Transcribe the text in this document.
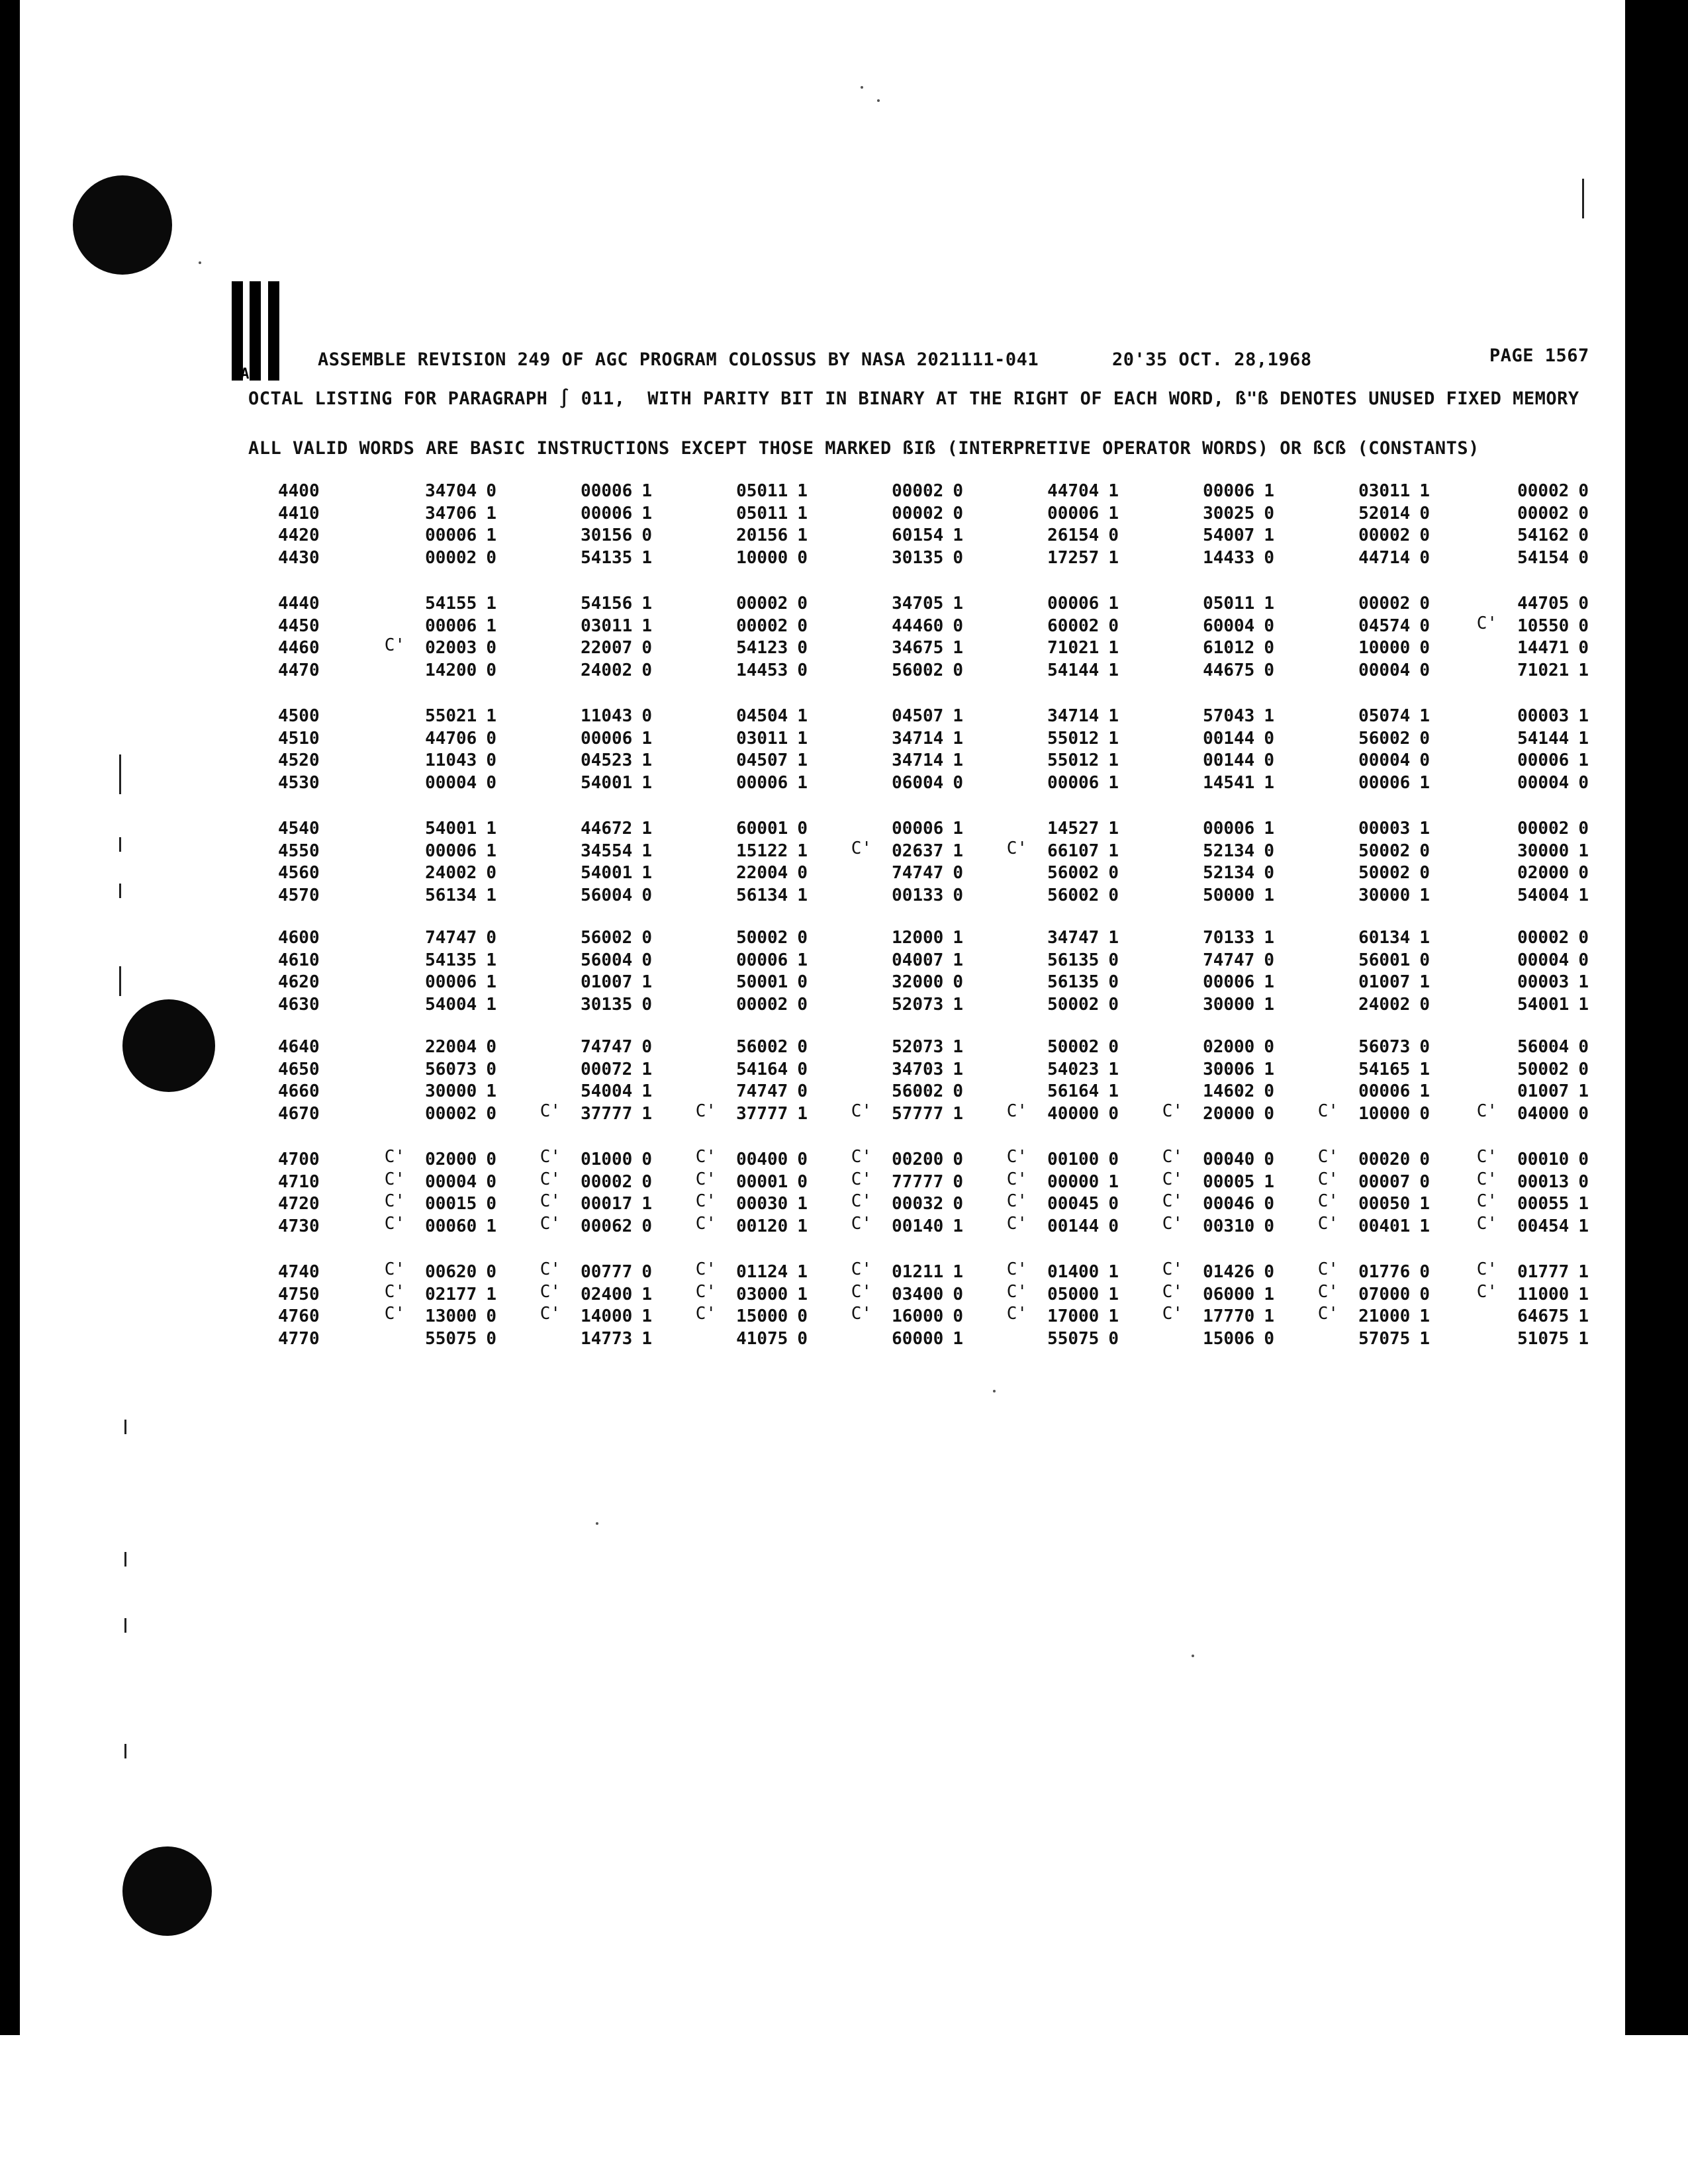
GAP
ASSEMBLE REVISION 249 OF AGC PROGRAM COLOSSUS BY NASA 2021111-041	20'35 OCT. 28,1968	PAGE 1567
OCTAL LISTING FOR PARAGRAPH ∫ 011,  WITH PARITY BIT IN BINARY AT THE RIGHT OF EACH WORD, ß"ß DENOTES UNUSED FIXED MEMORY
ALL VALID WORDS ARE BASIC INSTRUCTIONS EXCEPT THOSE MARKED ßIß (INTERPRETIVE OPERATOR WORDS) OR ßCß (CONSTANTS)
4400	34704 0	00006 1	05011 1	00002 0	44704 1	00006 1	03011 1	00002 0
4410	34706 1	00006 1	05011 1	00002 0	00006 1	30025 0	52014 0	00002 0
4420	00006 1	30156 0	20156 1	60154 1	26154 0	54007 1	00002 0	54162 0
4430	00002 0	54135 1	10000 0	30135 0	17257 1	14433 0	44714 0	54154 0
4440	54155 1	54156 1	00002 0	34705 1	00006 1	05011 1	00002 0	44705 0
4450	00006 1	03011 1	00002 0	44460 0	60002 0	60004 0	04574 0	C' 10550 0
4460	C' 02003 0	22007 0	54123 0	34675 1	71021 1	61012 0	10000 0	14471 0
4470	14200 0	24002 0	14453 0	56002 0	54144 1	44675 0	00004 0	71021 1
4500	55021 1	11043 0	04504 1	04507 1	34714 1	57043 1	05074 1	00003 1
4510	44706 0	00006 1	03011 1	34714 1	55012 1	00144 0	56002 0	54144 1
4520	11043 0	04523 1	04507 1	34714 1	55012 1	00144 0	00004 0	00006 1
4530	00004 0	54001 1	00006 1	06004 0	00006 1	14541 1	00006 1	00004 0
4540	54001 1	44672 1	60001 0	00006 1	14527 1	00006 1	00003 1	00002 0
4550	00006 1	34554 1	15122 1	C' 02637 1	C' 66107 1	52134 0	50002 0	30000 1
4560	24002 0	54001 1	22004 0	74747 0	56002 0	52134 0	50002 0	02000 0
4570	56134 1	56004 0	56134 1	00133 0	56002 0	50000 1	30000 1	54004 1
4600	74747 0	56002 0	50002 0	12000 1	34747 1	70133 1	60134 1	00002 0
4610	54135 1	56004 0	00006 1	04007 1	56135 0	74747 0	56001 0	00004 0
4620	00006 1	01007 1	50001 0	32000 0	56135 0	00006 1	01007 1	00003 1
4630	54004 1	30135 0	00002 0	52073 1	50002 0	30000 1	24002 0	54001 1
4640	22004 0	74747 0	56002 0	52073 1	50002 0	02000 0	56073 0	56004 0
4650	56073 0	00072 1	54164 0	34703 1	54023 1	30006 1	54165 1	50002 0
4660	30000 1	54004 1	74747 0	56002 0	56164 1	14602 0	00006 1	01007 1
4670	00002 0	C' 37777 1	C' 37777 1	C' 57777 1	C' 40000 0	C' 20000 0	C' 10000 0	C' 04000 0
4700	C' 02000 0	C' 01000 0	C' 00400 0	C' 00200 0	C' 00100 0	C' 00040 0	C' 00020 0	C' 00010 0
4710	C' 00004 0	C' 00002 0	C' 00001 0	C' 77777 0	C' 00000 1	C' 00005 1	C' 00007 0	C' 00013 0
4720	C' 00015 0	C' 00017 1	C' 00030 1	C' 00032 0	C' 00045 0	C' 00046 0	C' 00050 1	C' 00055 1
4730	C' 00060 1	C' 00062 0	C' 00120 1	C' 00140 1	C' 00144 0	C' 00310 0	C' 00401 1	C' 00454 1
4740	C' 00620 0	C' 00777 0	C' 01124 1	C' 01211 1	C' 01400 1	C' 01426 0	C' 01776 0	C' 01777 1
4750	C' 02177 1	C' 02400 1	C' 03000 1	C' 03400 0	C' 05000 1	C' 06000 1	C' 07000 0	C' 11000 1
4760	C' 13000 0	C' 14000 1	C' 15000 0	C' 16000 0	C' 17000 1	C' 17770 1	C' 21000 1	64675 1
4770	55075 0	14773 1	41075 0	60000 1	55075 0	15006 0	57075 1	51075 1
